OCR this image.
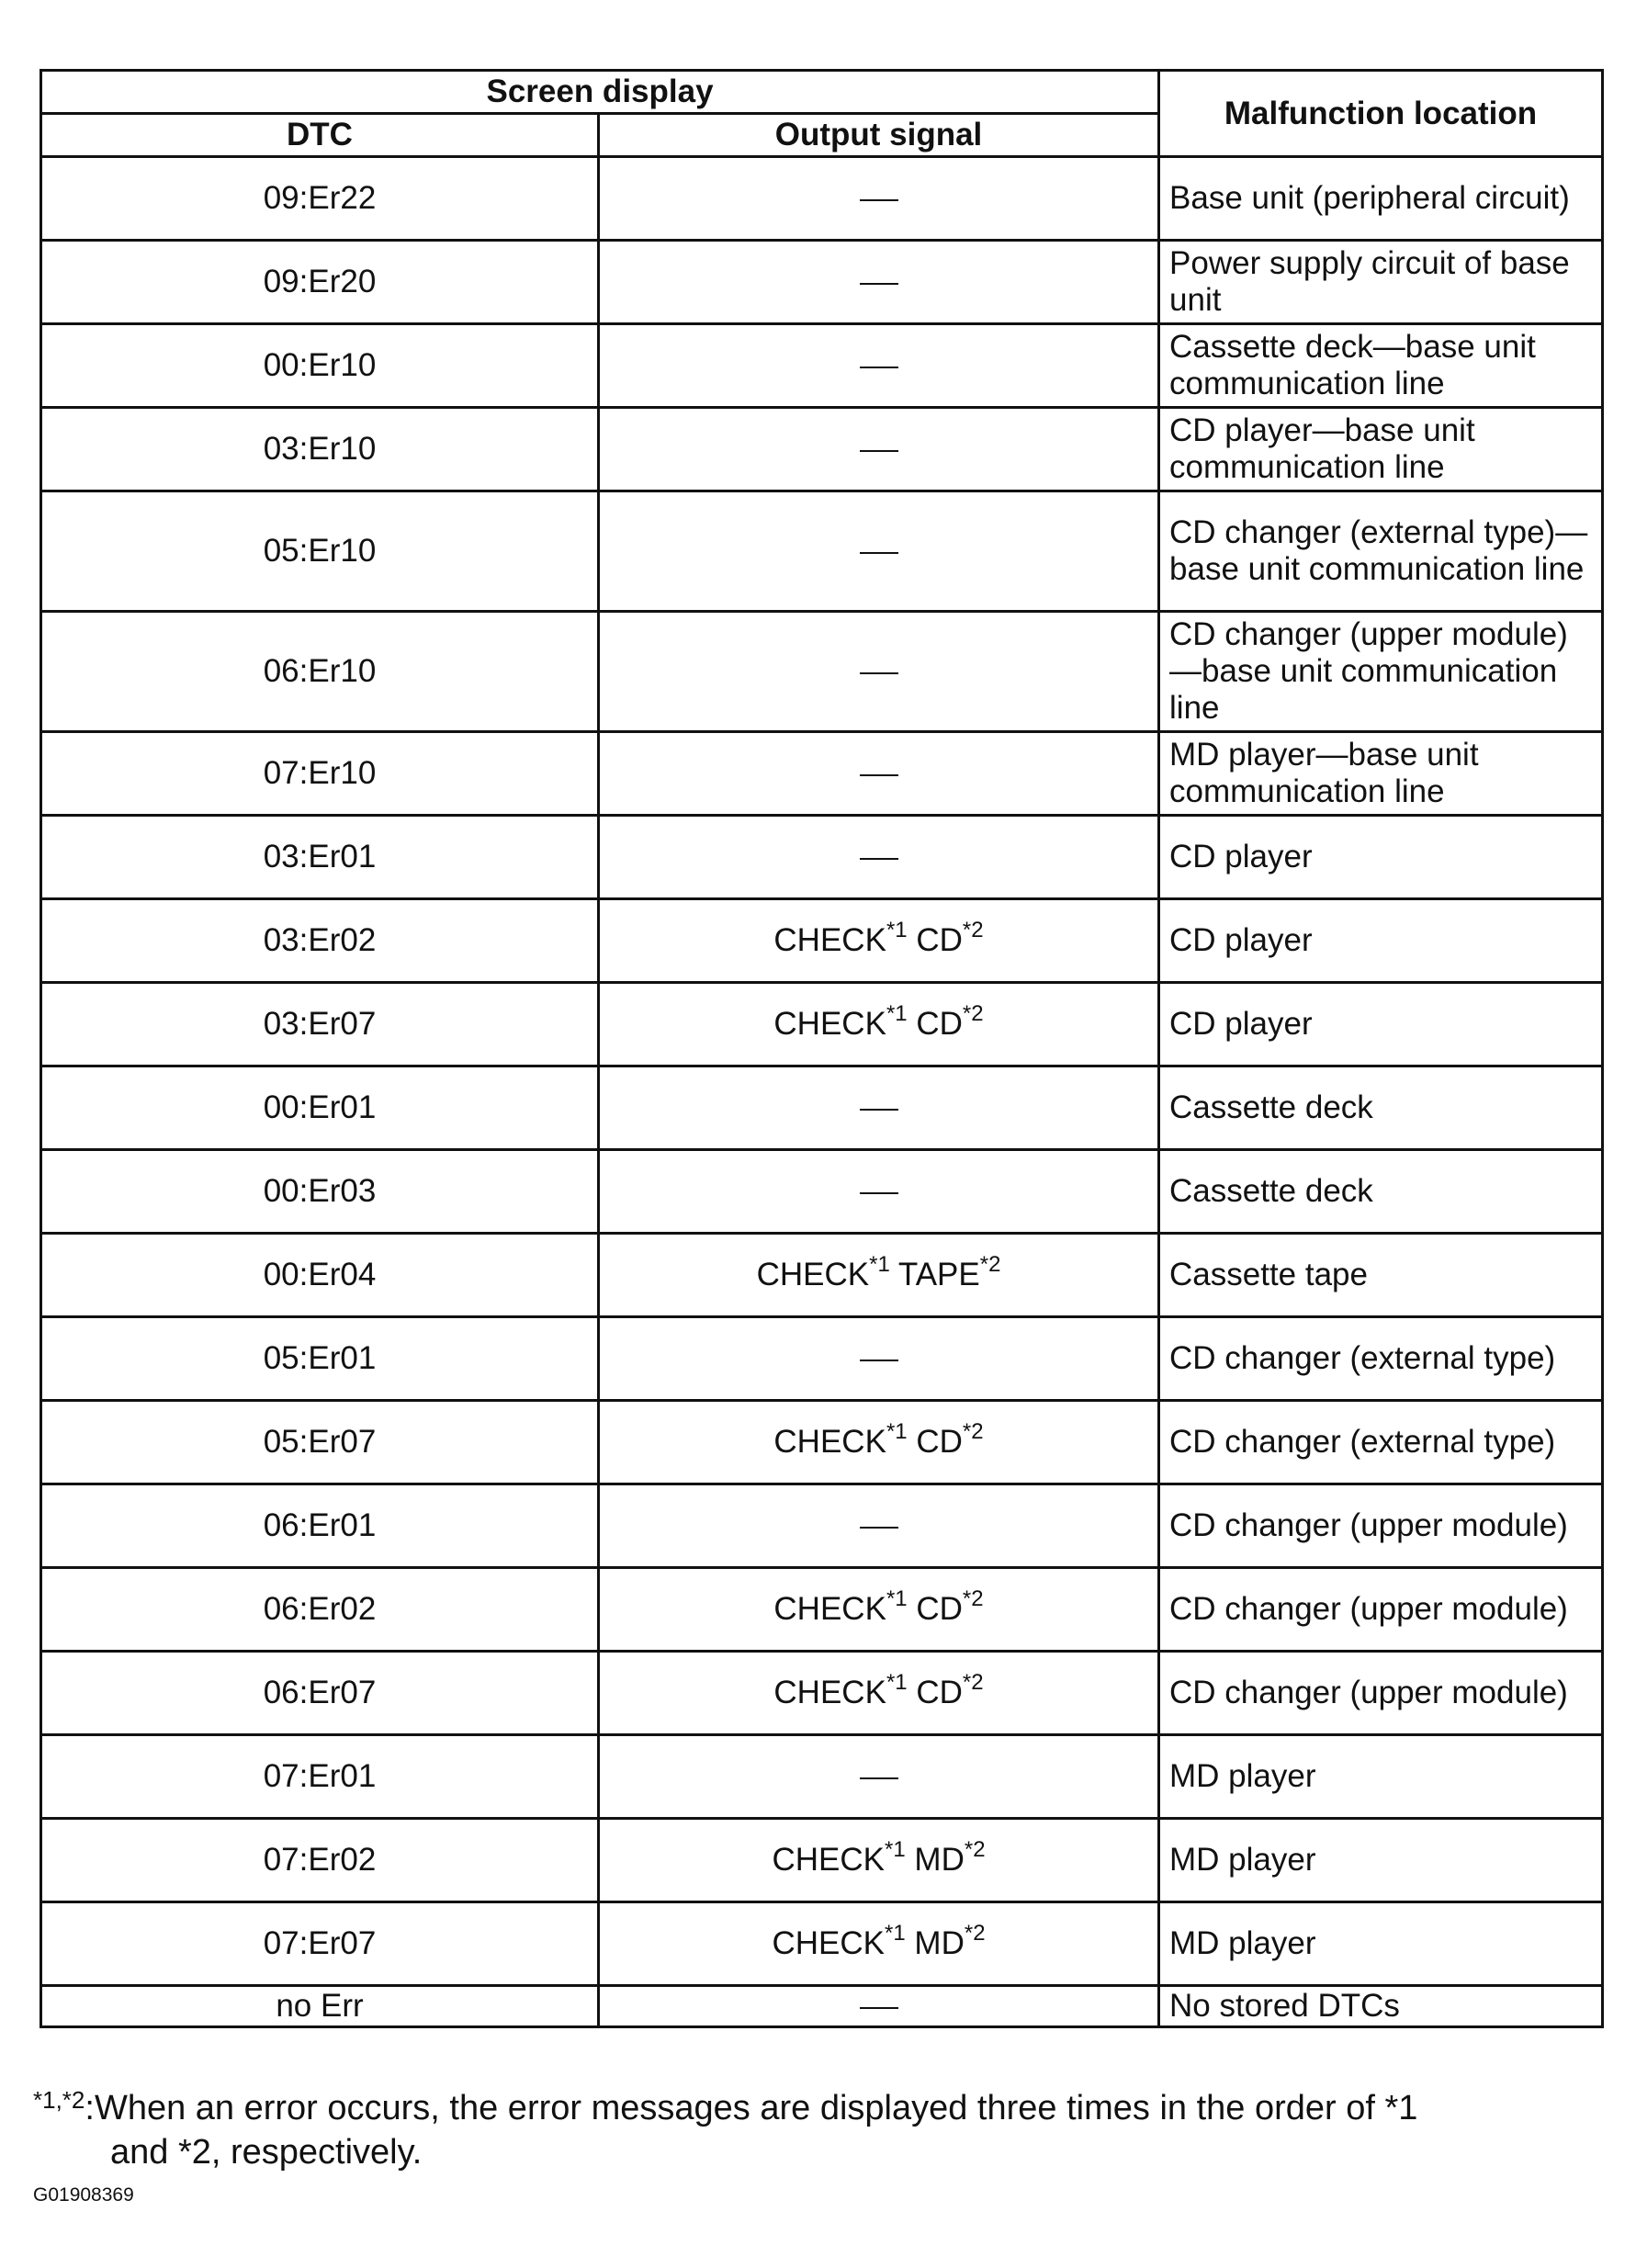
Screen display		Malfunction location
DTC	Output signal	
09:Er22		Base unit (peripheral circuit)
09:Er20		Power supply circuit of base unit
00:Er10		Cassette deck—base unit communication line
03:Er10		CD player—base unit communication line
05:Er10		CD changer (external type)—base unit communication line
06:Er10		CD changer (upper module)—base unit communication line
07:Er10		MD player—base unit communication line
03:Er01		CD player
03:Er02	CHECK$^{*1}$ CD$^{*2}$	CD player
03:Er07	CHECK$^{*1}$ CD$^{*2}$	CD player
00:Er01		Cassette deck
00:Er03		Cassette deck
00:Er04	CHECK$^{*1}$ TAPE$^{*2}$	Cassette tape
05:Er01		CD changer (external type)
05:Er07	CHECK$^{*1}$ CD$^{*2}$	CD changer (external type)
06:Er01		CD changer (upper module)
06:Er02	CHECK$^{*1}$ CD$^{*2}$	CD changer (upper module)
06:Er07	CHECK$^{*1}$ CD$^{*2}$	CD changer (upper module)
07:Er01		MD player
07:Er02	CHECK$^{*1}$ MD$^{*2}$	MD player
07:Er07	CHECK$^{*1}$ MD$^{*2}$	MD player
no Err		No stored DTCs
$^{*1,*2}$:When an error occurs, the error messages are displayed three times in the order of *1
and *2, respectively.
G01908369
